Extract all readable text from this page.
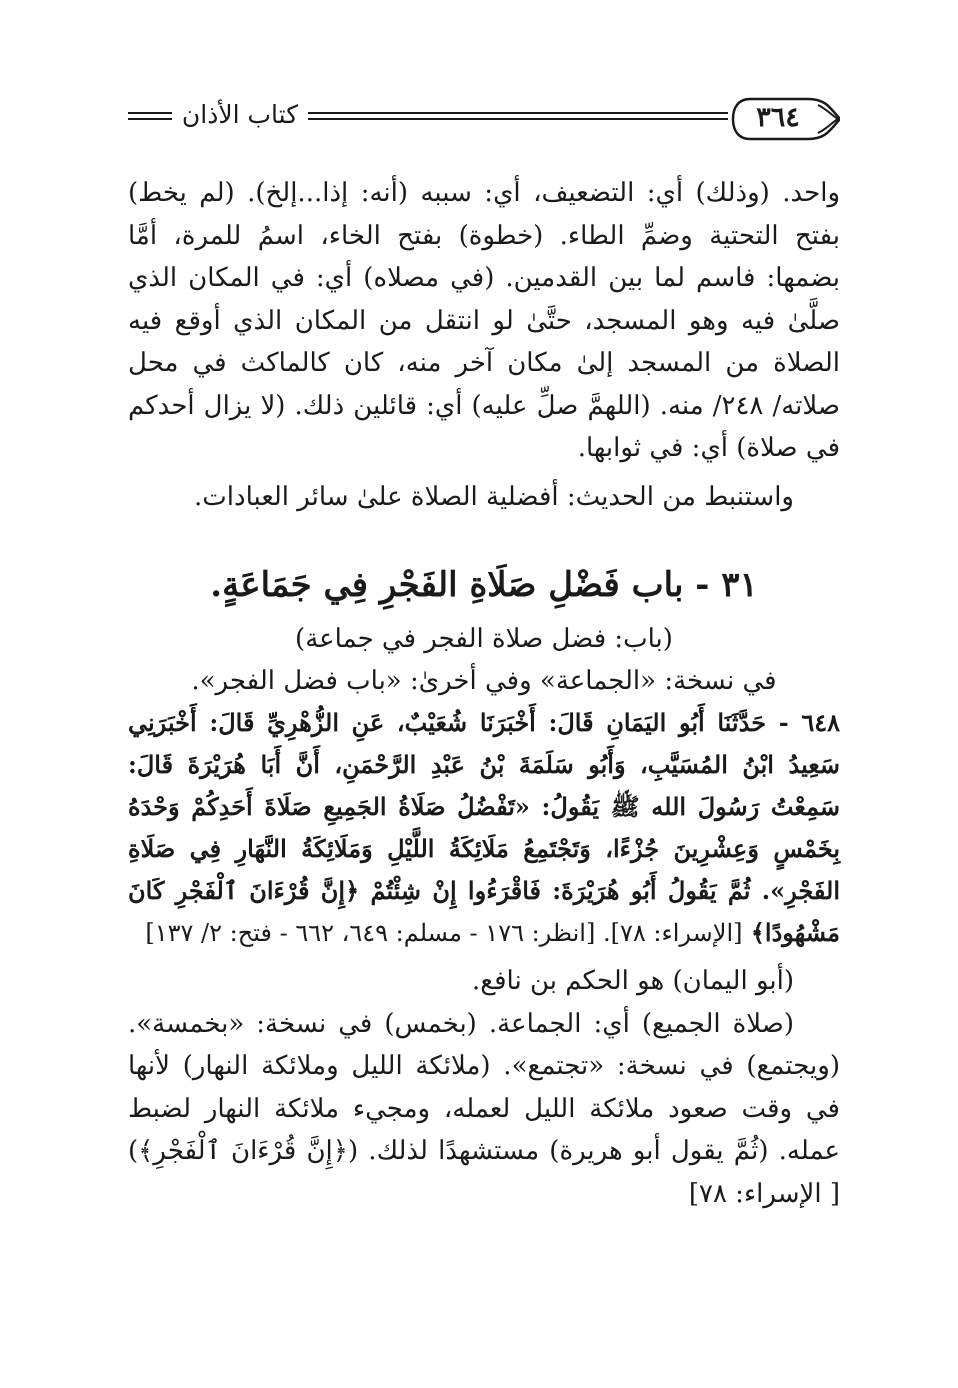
كتاب الأذان	٣٦٤

واحد. (وذلك) أي: التضعيف، أي: سببه (أنه: إذا...إلخ). (لم يخط) بفتح التحتية وضمِّ الطاء. (خطوة) بفتح الخاء، اسمُ للمرة، أمَّا بضمها: فاسم لما بين القدمين. (في مصلاه) أي: في المكان الذي صلَّىٰ فيه وهو المسجد، حتَّىٰ لو انتقل من المكان الذي أوقع فيه الصلاة من المسجد إلىٰ مكان آخر منه، كان كالماكث في محل صلاته/ ٢٤٨/ منه. (اللهمَّ صلِّ عليه) أي: قائلين ذلك. (لا يزال أحدكم في صلاة) أي: في ثوابها.

واستنبط من الحديث: أفضلية الصلاة علىٰ سائر العبادات.

٣١ - باب فَضْلِ صَلَاةِ الفَجْرِ فِي جَمَاعَةٍ.

(باب: فضل صلاة الفجر في جماعة)

في نسخة: «الجماعة» وفي أخرىٰ: «باب فضل الفجر».

٦٤٨ - حَدَّثَنَا أَبُو اليَمَانِ قَالَ: أَخْبَرَنَا شُعَيْبٌ، عَنِ الزُّهْرِيِّ قَالَ: أَخْبَرَنِي سَعِيدُ ابْنُ المُسَيَّبِ، وَأَبُو سَلَمَةَ بْنُ عَبْدِ الرَّحْمَنِ، أَنَّ أَبَا هُرَيْرَةَ قَالَ: سَمِعْتُ رَسُولَ الله ﷺ يَقُولُ: «تَفْضُلُ صَلَاةُ الجَمِيعِ صَلَاةَ أَحَدِكُمْ وَحْدَهُ بِخَمْسٍ وَعِشْرِينَ جُزْءًا، وَتَجْتَمِعُ مَلَائِكَةُ اللَّيْلِ وَمَلَائِكَةُ النَّهَارِ فِي صَلَاةِ الفَجْرِ». ثُمَّ يَقُولُ أَبُو هُرَيْرَةَ: فَاقْرَءُوا إِنْ شِئْتُمْ ﴿إِنَّ قُرْءَانَ ٱلْفَجْرِ كَانَ مَشْهُودًا﴾ [الإسراء: ٧٨]. [انظر: ١٧٦ - مسلم: ٦٤٩، ٦٦٢ - فتح: ٢/ ١٣٧]

(أبو اليمان) هو الحكم بن نافع.

(صلاة الجميع) أي: الجماعة. (بخمس) في نسخة: «بخمسة». (ويجتمع) في نسخة: «تجتمع». (ملائكة الليل وملائكة النهار) لأنها في وقت صعود ملائكة الليل لعمله، ومجيء ملائكة النهار لضبط عمله. (ثُمَّ يقول أبو هريرة) مستشهدًا لذلك. (﴿إِنَّ قُرْءَانَ ٱلْفَجْرِ﴾) [ الإسراء: ٧٨]
